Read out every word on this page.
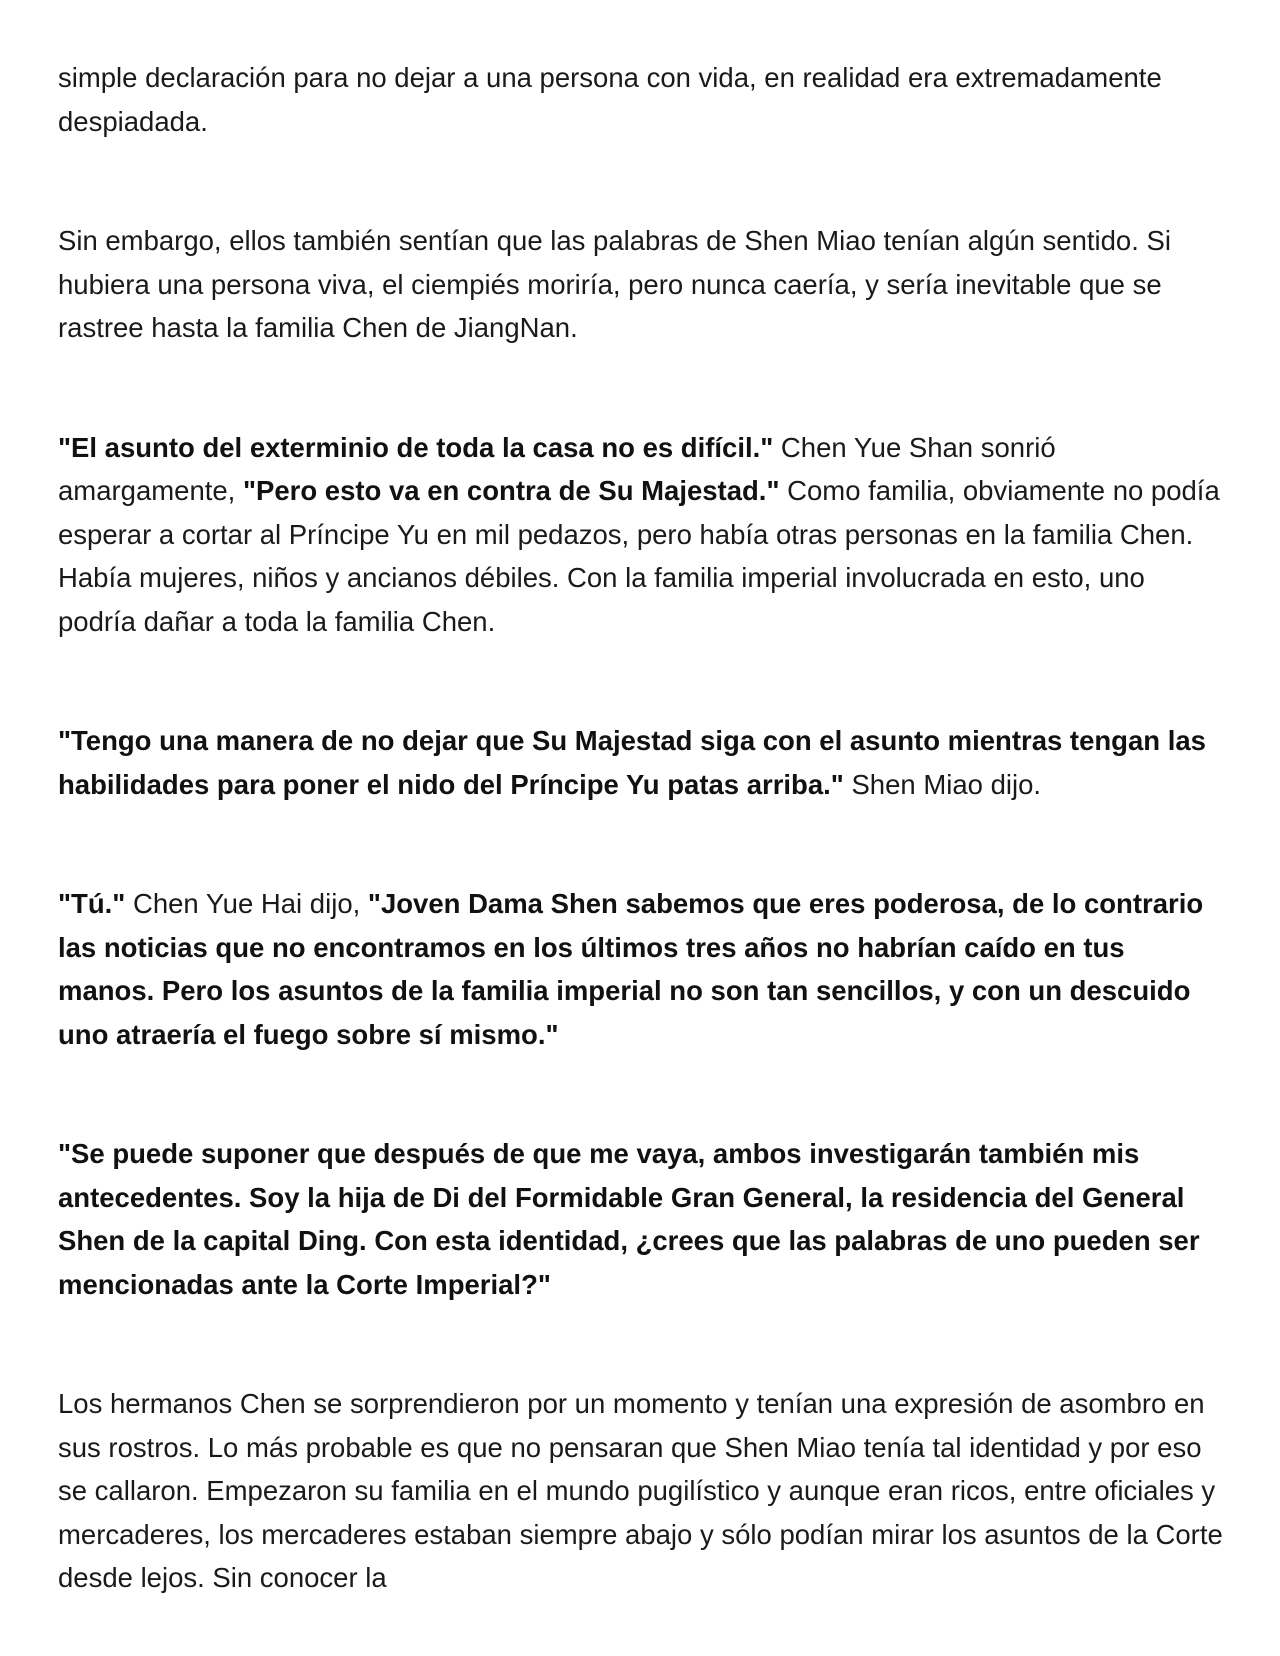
simple declaración para no dejar a una persona con vida, en realidad era extremadamente despiadada.

Sin embargo, ellos también sentían que las palabras de Shen Miao tenían algún sentido. Si hubiera una persona viva, el ciempiés moriría, pero nunca caería, y sería inevitable que se rastree hasta la familia Chen de JiangNan.

"El asunto del exterminio de toda la casa no es difícil." Chen Yue Shan sonrió amargamente, "Pero esto va en contra de Su Majestad." Como familia, obviamente no podía esperar a cortar al Príncipe Yu en mil pedazos, pero había otras personas en la familia Chen. Había mujeres, niños y ancianos débiles. Con la familia imperial involucrada en esto, uno podría dañar a toda la familia Chen.

"Tengo una manera de no dejar que Su Majestad siga con el asunto mientras tengan las habilidades para poner el nido del Príncipe Yu patas arriba." Shen Miao dijo.

"Tú." Chen Yue Hai dijo, "Joven Dama Shen sabemos que eres poderosa, de lo contrario las noticias que no encontramos en los últimos tres años no habrían caído en tus manos. Pero los asuntos de la familia imperial no son tan sencillos, y con un descuido uno atraería el fuego sobre sí mismo."

"Se puede suponer que después de que me vaya, ambos investigarán también mis antecedentes. Soy la hija de Di del Formidable Gran General, la residencia del General Shen de la capital Ding. Con esta identidad, ¿crees que las palabras de uno pueden ser mencionadas ante la Corte Imperial?"

Los hermanos Chen se sorprendieron por un momento y tenían una expresión de asombro en sus rostros. Lo más probable es que no pensaran que Shen Miao tenía tal identidad y por eso se callaron. Empezaron su familia en el mundo pugilístico y aunque eran ricos, entre oficiales y mercaderes, los mercaderes estaban siempre abajo y sólo podían mirar los asuntos de la Corte desde lejos. Sin conocer la
